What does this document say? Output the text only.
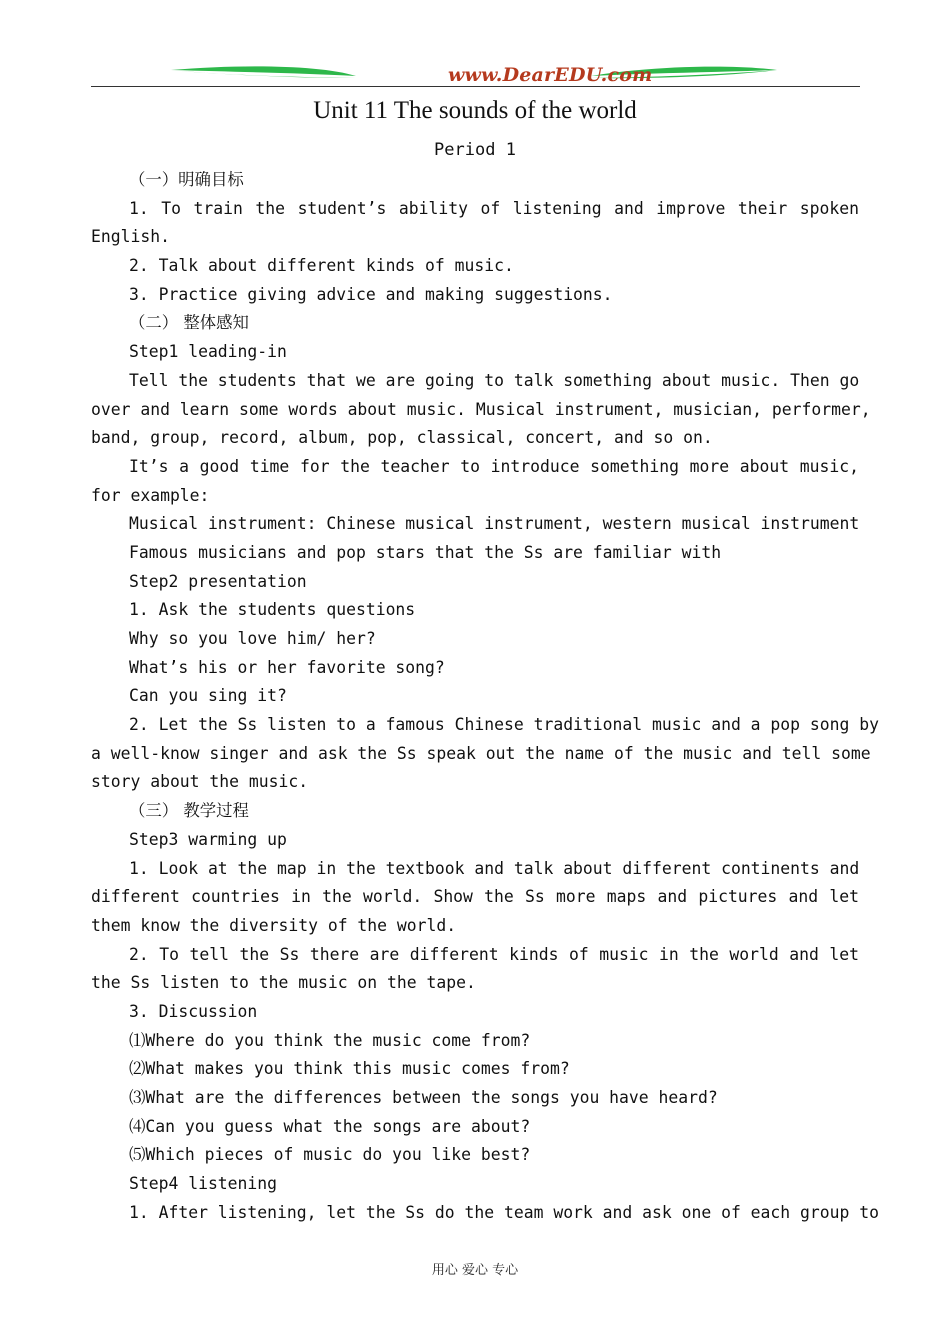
www.DearEDU.com
Unit 11 The sounds of the world
Period 1
（一）明确目标
1. To train the student’s ability of listening and improve their spoken
English.
2. Talk about different kinds of music.
3. Practice giving advice and making suggestions.
（二） 整体感知
Step1 leading-in
Tell the students that we are going to talk something about music. Then go
over and learn some words about music. Musical instrument, musician, performer,
band, group, record, album, pop, classical, concert, and so on.
It’s a good time for the teacher to introduce something more about music,
for example:
Musical instrument: Chinese musical instrument, western musical instrument
Famous musicians and pop stars that the Ss are familiar with
Step2 presentation
1. Ask the students questions
Why so you love him/ her?
What’s his or her favorite song?
Can you sing it?
2. Let the Ss listen to a famous Chinese traditional music and a pop song by
a well-know singer and ask the Ss speak out the name of the music and tell some
story about the music.
（三） 教学过程
Step3 warming up
1. Look at the map in the textbook and talk about different continents and
different countries in the world. Show the Ss more maps and pictures and let
them know the diversity of the world.
2. To tell the Ss there are different kinds of music in the world and let
the Ss listen to the music on the tape.
3. Discussion
⑴Where do you think the music come from?
⑵What makes you think this music comes from?
⑶What are the differences between the songs you have heard?
⑷Can you guess what the songs are about?
⑸Which pieces of music do you like best?
Step4 listening
1. After listening, let the Ss do the team work and ask one of each group to
用心 爱心 专心
